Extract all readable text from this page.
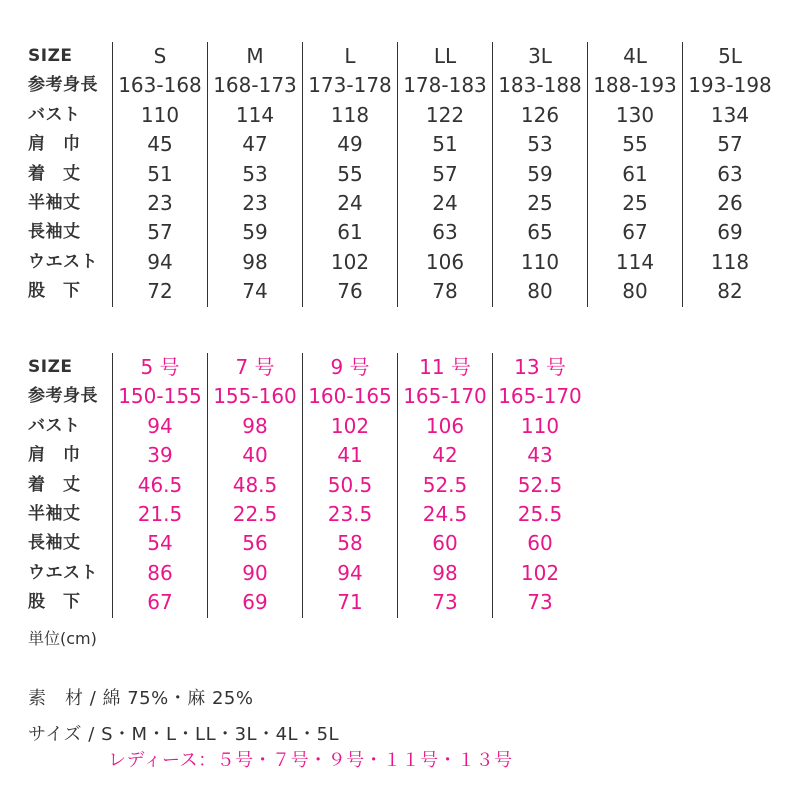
SIZE	S	M	L	LL	3L	4L	5L
参考身長	163-168	168-173	173-178	178-183	183-188	188-193	193-198
バスト	110	114	118	122	126	130	134
肩　巾	45	47	49	51	53	55	57
着　丈	51	53	55	57	59	61	63
半袖丈	23	23	24	24	25	25	26
長袖丈	57	59	61	63	65	67	69
ウエスト	94	98	102	106	110	114	118
股　下	72	74	76	78	80	80	82
SIZE	5 号	7 号	9 号	11 号	13 号
参考身長	150-155	155-160	160-165	165-170	165-170
バスト	94	98	102	106	110
肩　巾	39	40	41	42	43
着　丈	46.5	48.5	50.5	52.5	52.5
半袖丈	21.5	22.5	23.5	24.5	25.5
長袖丈	54	56	58	60	60
ウエスト	86	90	94	98	102
股　下	67	69	71	73	73
単位(cm)
素　材 / 綿 75%・麻 25%
サイズ / S・M・L・LL・3L・4L・5L
レディース：５号・７号・９号・１１号・１３号
